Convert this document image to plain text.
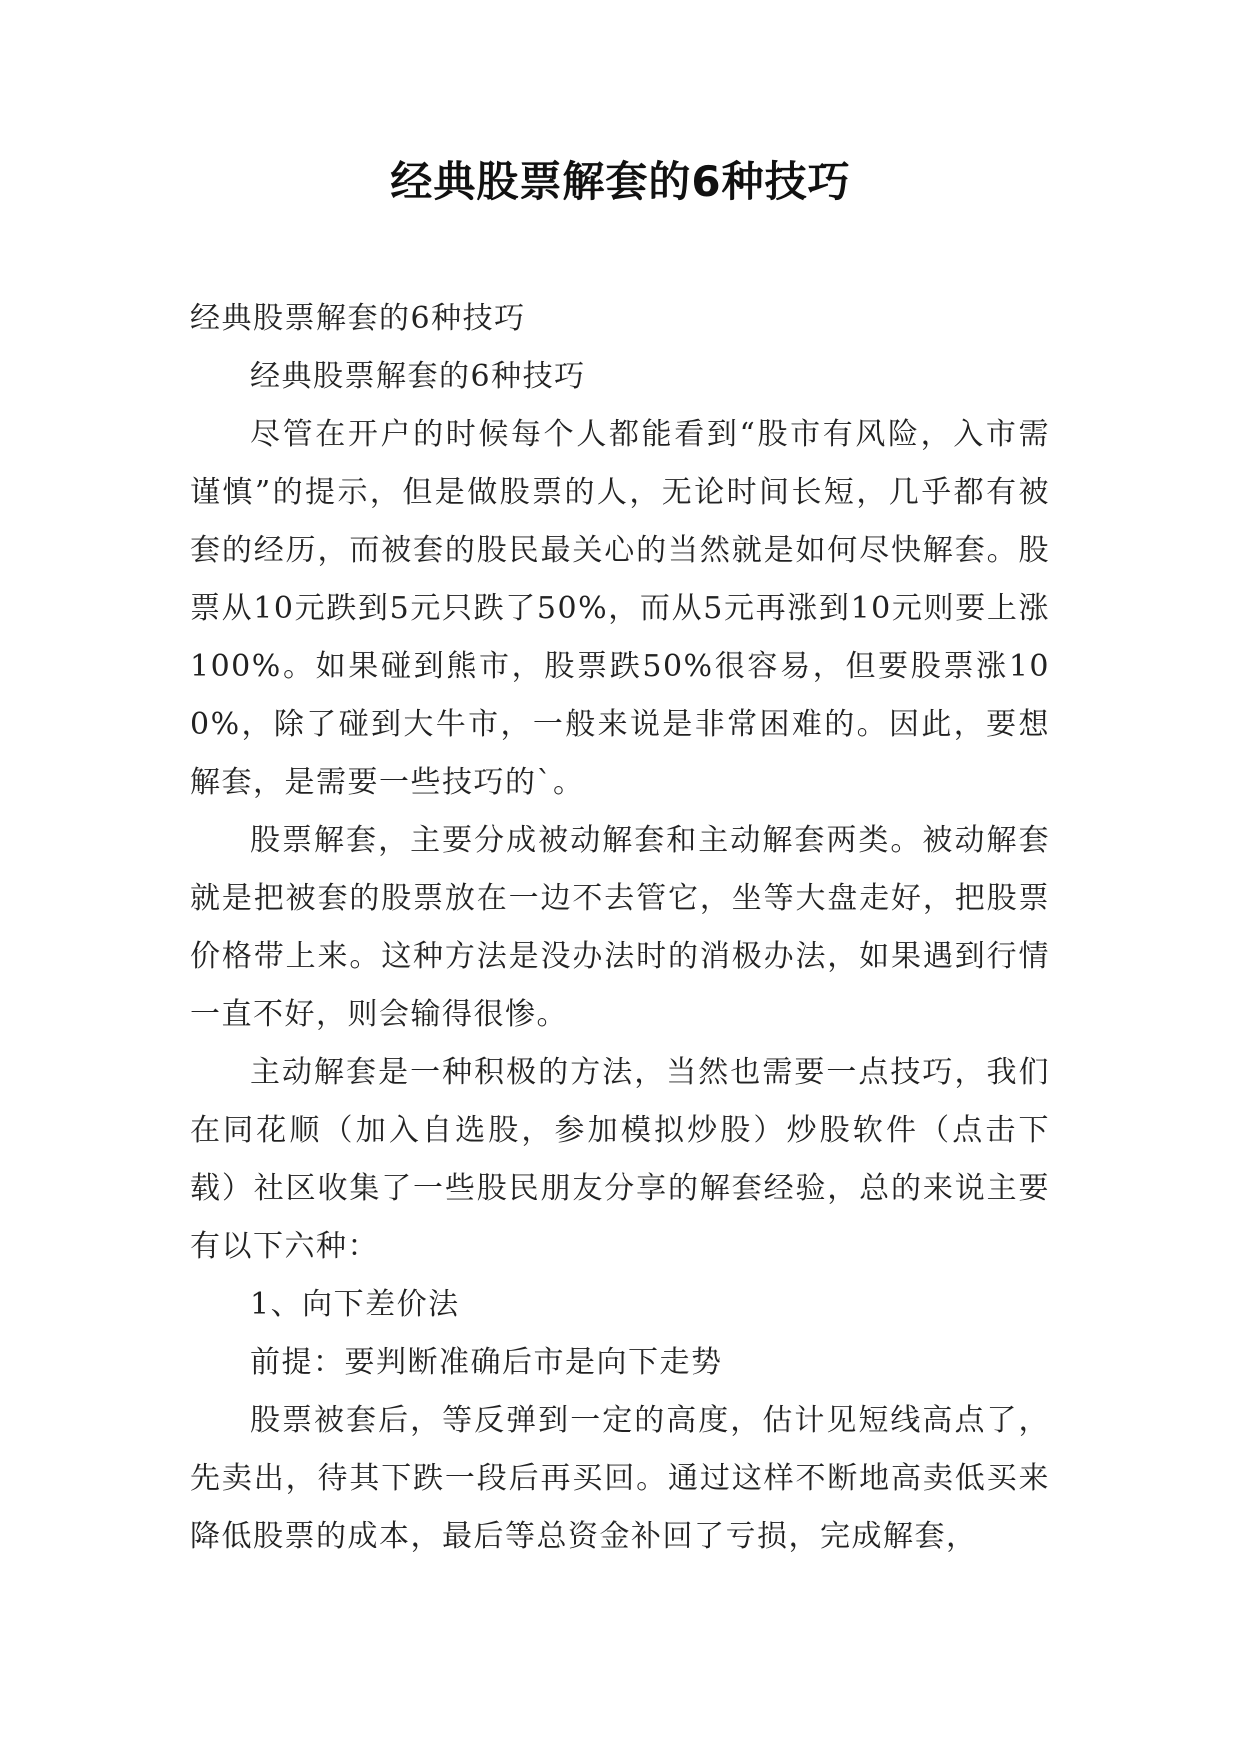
经典股票解套的6种技巧

经典股票解套的6种技巧

经典股票解套的6种技巧

尽管在开户的时候每个人都能看到“股市有风险，入市需谨慎”的提示，但是做股票的人，无论时间长短，几乎都有被套的经历，而被套的股民最关心的当然就是如何尽快解套。股票从10元跌到5元只跌了50%，而从5元再涨到10元则要上涨100%。如果碰到熊市，股票跌50%很容易，但要股票涨100%，除了碰到大牛市，一般来说是非常困难的。因此，要想解套，是需要一些技巧的`。

股票解套，主要分成被动解套和主动解套两类。被动解套就是把被套的股票放在一边不去管它，坐等大盘走好，把股票价格带上来。这种方法是没办法时的消极办法，如果遇到行情一直不好，则会输得很惨。

主动解套是一种积极的方法，当然也需要一点技巧，我们在同花顺（加入自选股，参加模拟炒股）炒股软件（点击下载）社区收集了一些股民朋友分享的解套经验，总的来说主要有以下六种：

1、向下差价法

前提：要判断准确后市是向下走势

股票被套后，等反弹到一定的高度，估计见短线高点了，先卖出，待其下跌一段后再买回。通过这样不断地高卖低买来降低股票的成本，最后等总资金补回了亏损，完成解套，
